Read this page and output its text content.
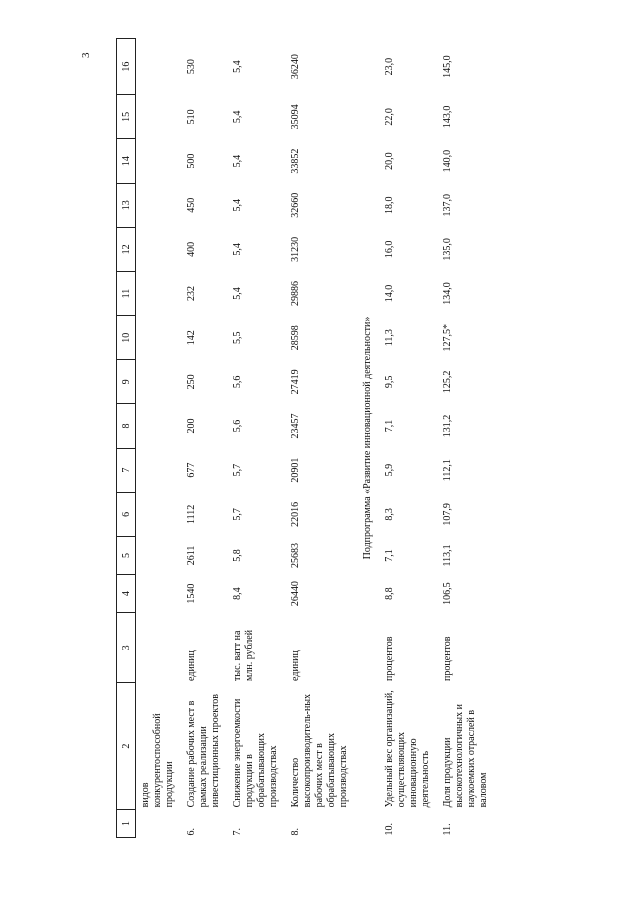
3
1	2	3	4	5	6	7	8	9	10	11	12	13	14	15	16
	видов конкурентоспособной продукции														
6.	Создание рабочих мест в рамках реализации инвестиционных проектов	единиц	1540	2611	1112	677	200	250	142	232	400	450	500	510	530
7.	Снижение энергоемкости продукции в обрабатывающих производствах	тыс. ватт на млн. рублей	8,4	5,8	5,7	5,7	5,6	5,6	5,5	5,4	5,4	5,4	5,4	5,4	5,4
8.	Количество высокопроизводитель-ных рабочих мест в обрабатывающих производствах	единиц	26440	25683	22016	20901	23457	27419	28598	29886	31230	32660	33852	35094	36240
Подпрограмма «Развитие инновационной деятельности»															
10.	Удельный вес организаций, осуществляющих инновационную деятельность	процентов	8,8	7,1	8,3	5,9	7,1	9,5	11,3	14,0	16,0	18,0	20,0	22,0	23,0
11.	Доля продукции высокотехнологичных и наукоемких отраслей в валовом	процентов	106,5	113,1	107,9	112,1	131,2	125,2	127,5*	134,0	135,0	137,0	140,0	143,0	145,0
